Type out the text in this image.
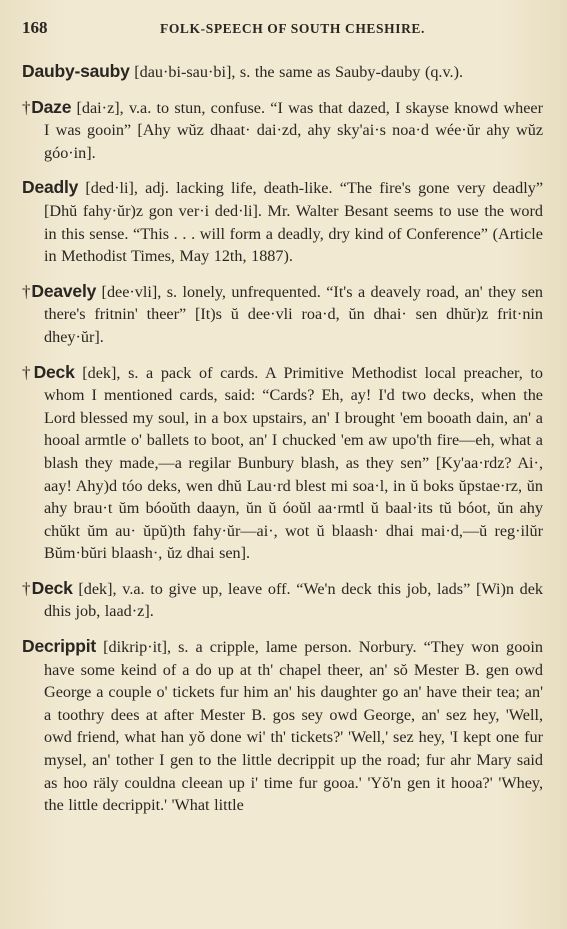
168	FOLK-SPEECH OF SOUTH CHESHIRE.

Dauby-sauby [dau·bi-sau·bi], s. the same as Sauby-dauby (q.v.).

†Daze [dai·z], v.a. to stun, confuse. “I was that dazed, I skayse knowd wheer I was gooin” [Ahy wŭz dhaat· dai·zd, ahy sky'ai·s noa·d wée·ŭr ahy wŭz góo·in].

Deadly [ded·li], adj. lacking life, death-like. “The fire's gone very deadly” [Dhŭ fahy·ŭr)z gon ver·i ded·li]. Mr. Walter Besant seems to use the word in this sense. “This . . . will form a deadly, dry kind of Conference” (Article in Methodist Times, May 12th, 1887).

†Deavely [dee·vli], s. lonely, unfrequented. “It's a deavely road, an' they sen there's fritnin' theer” [It)s ŭ dee·vli roa·d, ŭn dhai· sen dhŭr)z frit·nin dhey·ŭr].

†Deck [dek], s. a pack of cards. A Primitive Methodist local preacher, to whom I mentioned cards, said: “Cards? Eh, ay! I'd two decks, when the Lord blessed my soul, in a box upstairs, an' I brought 'em booath dain, an' a hooal armtle o' ballets to boot, an' I chucked 'em aw upo'th fire—eh, what a blash they made,—a regilar Bunbury blash, as they sen” [Ky'aa·rdz? Ai·, aay! Ahy)d tóo deks, wen dhŭ Lau·rd blest mi soa·l, in ŭ boks ŭpstae·rz, ŭn ahy brau·t ŭm bóoŭth daayn, ŭn ŭ óoŭl aa·rmtl ŭ baal·its tŭ bóot, ŭn ahy chŭkt ŭm au· ŭpŭ)th fahy·ŭr—ai·, wot ŭ blaash· dhai mai·d,—ŭ reg·ilŭr Bŭm·bŭri blaash·, ŭz dhai sen].

†Deck [dek], v.a. to give up, leave off. “We'n deck this job, lads” [Wi)n dek dhis job, laad·z].

Decrippit [dikrip·it], s. a cripple, lame person. Norbury. “They won gooin have some keind of a do up at th' chapel theer, an' sŏ Mester B. gen owd George a couple o' tickets fur him an' his daughter go an' have their tea; an' a toothry dees at after Mester B. gos sey owd George, an' sez hey, 'Well, owd friend, what han yŏ done wi' th' tickets?' 'Well,' sez hey, 'I kept one fur mysel, an' tother I gen to the little decrippit up the road; fur ahr Mary said as hoo räly couldna cleean up i' time fur gooa.' 'Yŏ'n gen it hooa?' 'Whey, the little decrippit.' 'What little
